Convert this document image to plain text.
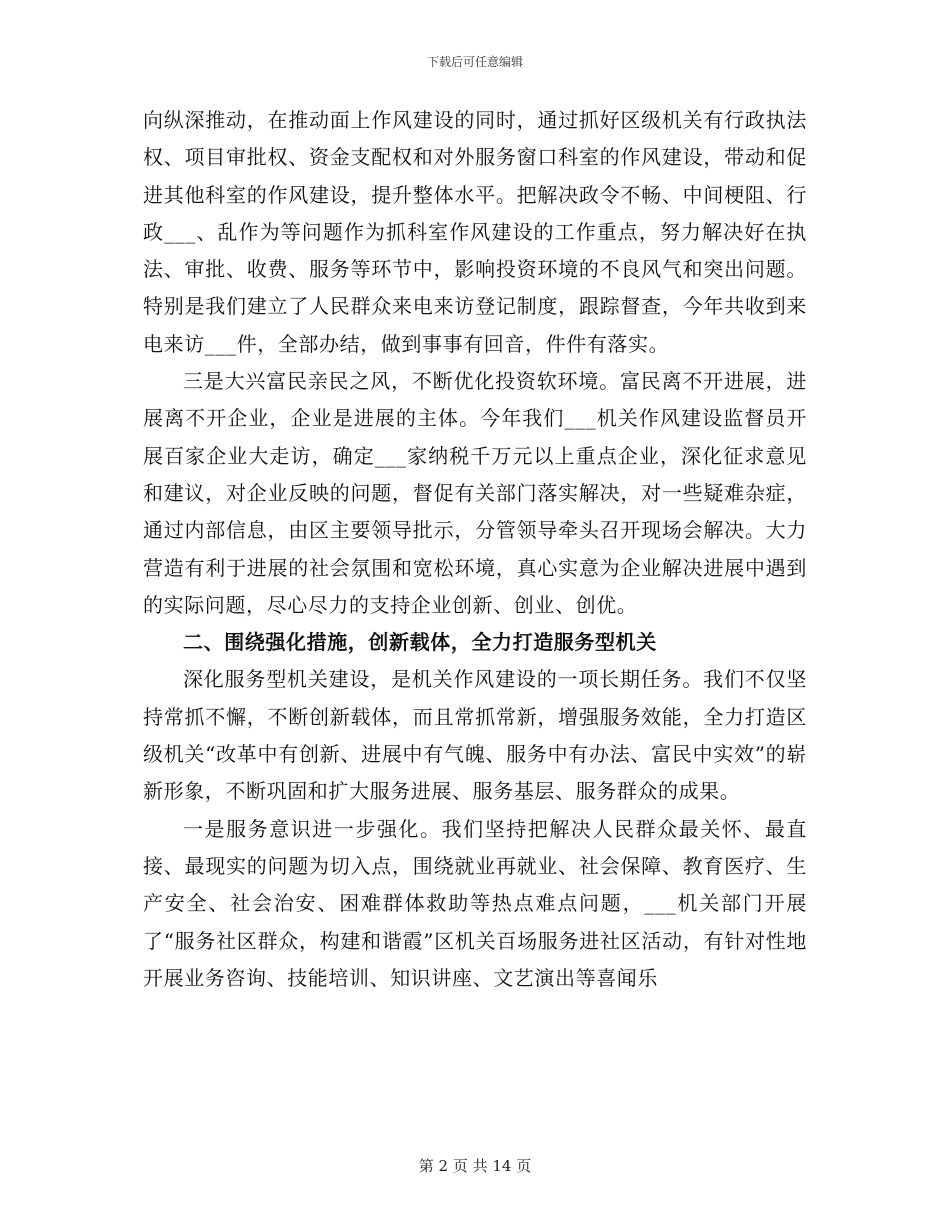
下载后可任意编辑

向纵深推动，在推动面上作风建设的同时，通过抓好区级机关有行政执法权、项目审批权、资金支配权和对外服务窗口科室的作风建设，带动和促进其他科室的作风建设，提升整体水平。把解决政令不畅、中间梗阻、行政___、乱作为等问题作为抓科室作风建设的工作重点，努力解决好在执法、审批、收费、服务等环节中，影响投资环境的不良风气和突出问题。特别是我们建立了人民群众来电来访登记制度，跟踪督查，今年共收到来电来访___件，全部办结，做到事事有回音，件件有落实。

三是大兴富民亲民之风，不断优化投资软环境。富民离不开进展，进展离不开企业，企业是进展的主体。今年我们___机关作风建设监督员开展百家企业大走访，确定___家纳税千万元以上重点企业，深化征求意见和建议，对企业反映的问题，督促有关部门落实解决，对一些疑难杂症，通过内部信息，由区主要领导批示，分管领导牵头召开现场会解决。大力营造有利于进展的社会氛围和宽松环境，真心实意为企业解决进展中遇到的实际问题，尽心尽力的支持企业创新、创业、创优。

二、围绕强化措施，创新载体，全力打造服务型机关

深化服务型机关建设，是机关作风建设的一项长期任务。我们不仅坚持常抓不懈，不断创新载体，而且常抓常新，增强服务效能，全力打造区级机关“改革中有创新、进展中有气魄、服务中有办法、富民中实效”的崭新形象，不断巩固和扩大服务进展、服务基层、服务群众的成果。

一是服务意识进一步强化。我们坚持把解决人民群众最关怀、最直接、最现实的问题为切入点，围绕就业再就业、社会保障、教育医疗、生产安全、社会治安、困难群体救助等热点难点问题，___机关部门开展了“服务社区群众，构建和谐霞”区机关百场服务进社区活动，有针对性地开展业务咨询、技能培训、知识讲座、文艺演出等喜闻乐

第 2 页 共 14 页
